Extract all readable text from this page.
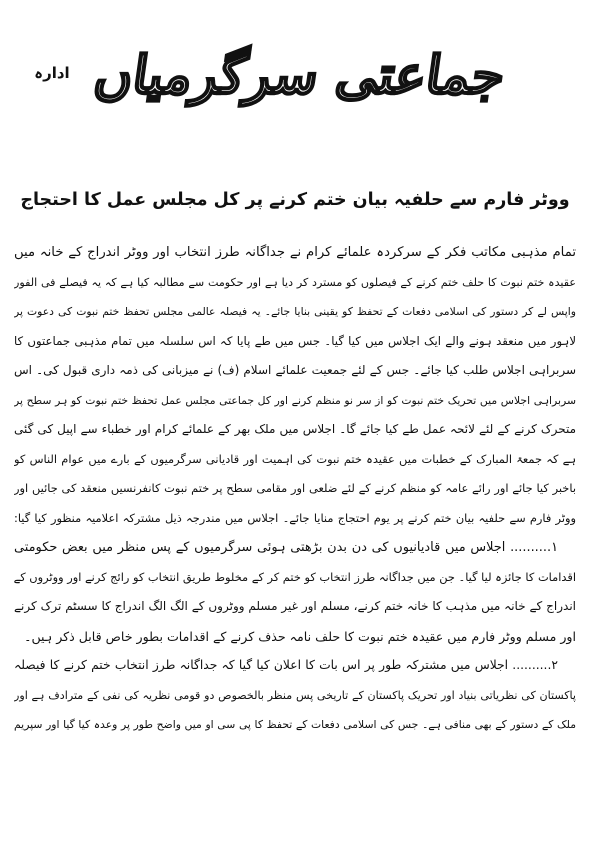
جماعتی سرگرمیاں
ادارہ
ووٹر فارم سے حلفیہ بیان ختم کرنے پر کل مجلس عمل کا احتجاج
تمام مذہبی مکاتب فکر کے سرکردہ علمائے کرام نے جداگانہ طرز انتخاب اور ووٹر اندراج کے خانہ میں
عقیدہ ختم نبوت کا حلف ختم کرنے کے فیصلوں کو مسترد کر دیا ہے اور حکومت سے مطالبہ کیا ہے کہ یہ فیصلے فی الفور
واپس لے کر دستور کی اسلامی دفعات کے تحفظ کو یقینی بنایا جائے۔ یہ فیصلہ عالمی مجلس تحفظ ختم نبوت کی دعوت پر
لاہور میں منعقد ہونے والے ایک اجلاس میں کیا گیا۔ جس میں طے پایا کہ اس سلسلہ میں تمام مذہبی جماعتوں کا
سربراہی اجلاس طلب کیا جائے۔ جس کے لئے جمعیت علمائے اسلام (ف) نے میزبانی کی ذمہ داری قبول کی۔ اس
سربراہی اجلاس میں تحریک ختم نبوت کو از سر نو منظم کرنے اور کل جماعتی مجلس عمل تحفظ ختم نبوت کو ہر سطح پر
متحرک کرنے کے لئے لائحہ عمل طے کیا جائے گا۔ اجلاس میں ملک بھر کے علمائے کرام اور خطباء سے اپیل کی گئی
ہے کہ جمعۃ المبارک کے خطبات میں عقیدہ ختم نبوت کی اہمیت اور قادیانی سرگرمیوں کے بارے میں عوام الناس کو
باخبر کیا جائے اور رائے عامہ کو منظم کرنے کے لئے ضلعی اور مقامی سطح پر ختم نبوت کانفرنسیں منعقد کی جائیں اور
ووٹر فارم سے حلفیہ بیان ختم کرنے پر یوم احتجاج منایا جائے۔ اجلاس میں مندرجہ ذیل مشترکہ اعلامیہ منظور کیا گیا:
۱.......... اجلاس میں قادیانیوں کی دن بدن بڑھتی ہوئی سرگرمیوں کے پس منظر میں بعض حکومتی
اقدامات کا جائزہ لیا گیا۔ جن میں جداگانہ طرز انتخاب کو ختم کر کے مخلوط طریق انتخاب کو رائج کرنے اور ووٹروں کے
اندراج کے خانہ میں مذہب کا خانہ ختم کرنے، مسلم اور غیر مسلم ووٹروں کے الگ الگ اندراج کا سسٹم ترک کرنے
اور مسلم ووٹر فارم میں عقیدہ ختم نبوت کا حلف نامہ حذف کرنے کے اقدامات بطور خاص قابل ذکر ہیں۔
۲.......... اجلاس میں مشترکہ طور پر اس بات کا اعلان کیا گیا کہ جداگانہ طرز انتخاب ختم کرنے کا فیصلہ
پاکستان کی نظریاتی بنیاد اور تحریک پاکستان کے تاریخی پس منظر بالخصوص دو قومی نظریہ کی نفی کے مترادف ہے اور
ملک کے دستور کے بھی منافی ہے۔ جس کی اسلامی دفعات کے تحفظ کا پی سی او میں واضح طور پر وعدہ کیا گیا اور سپریم
